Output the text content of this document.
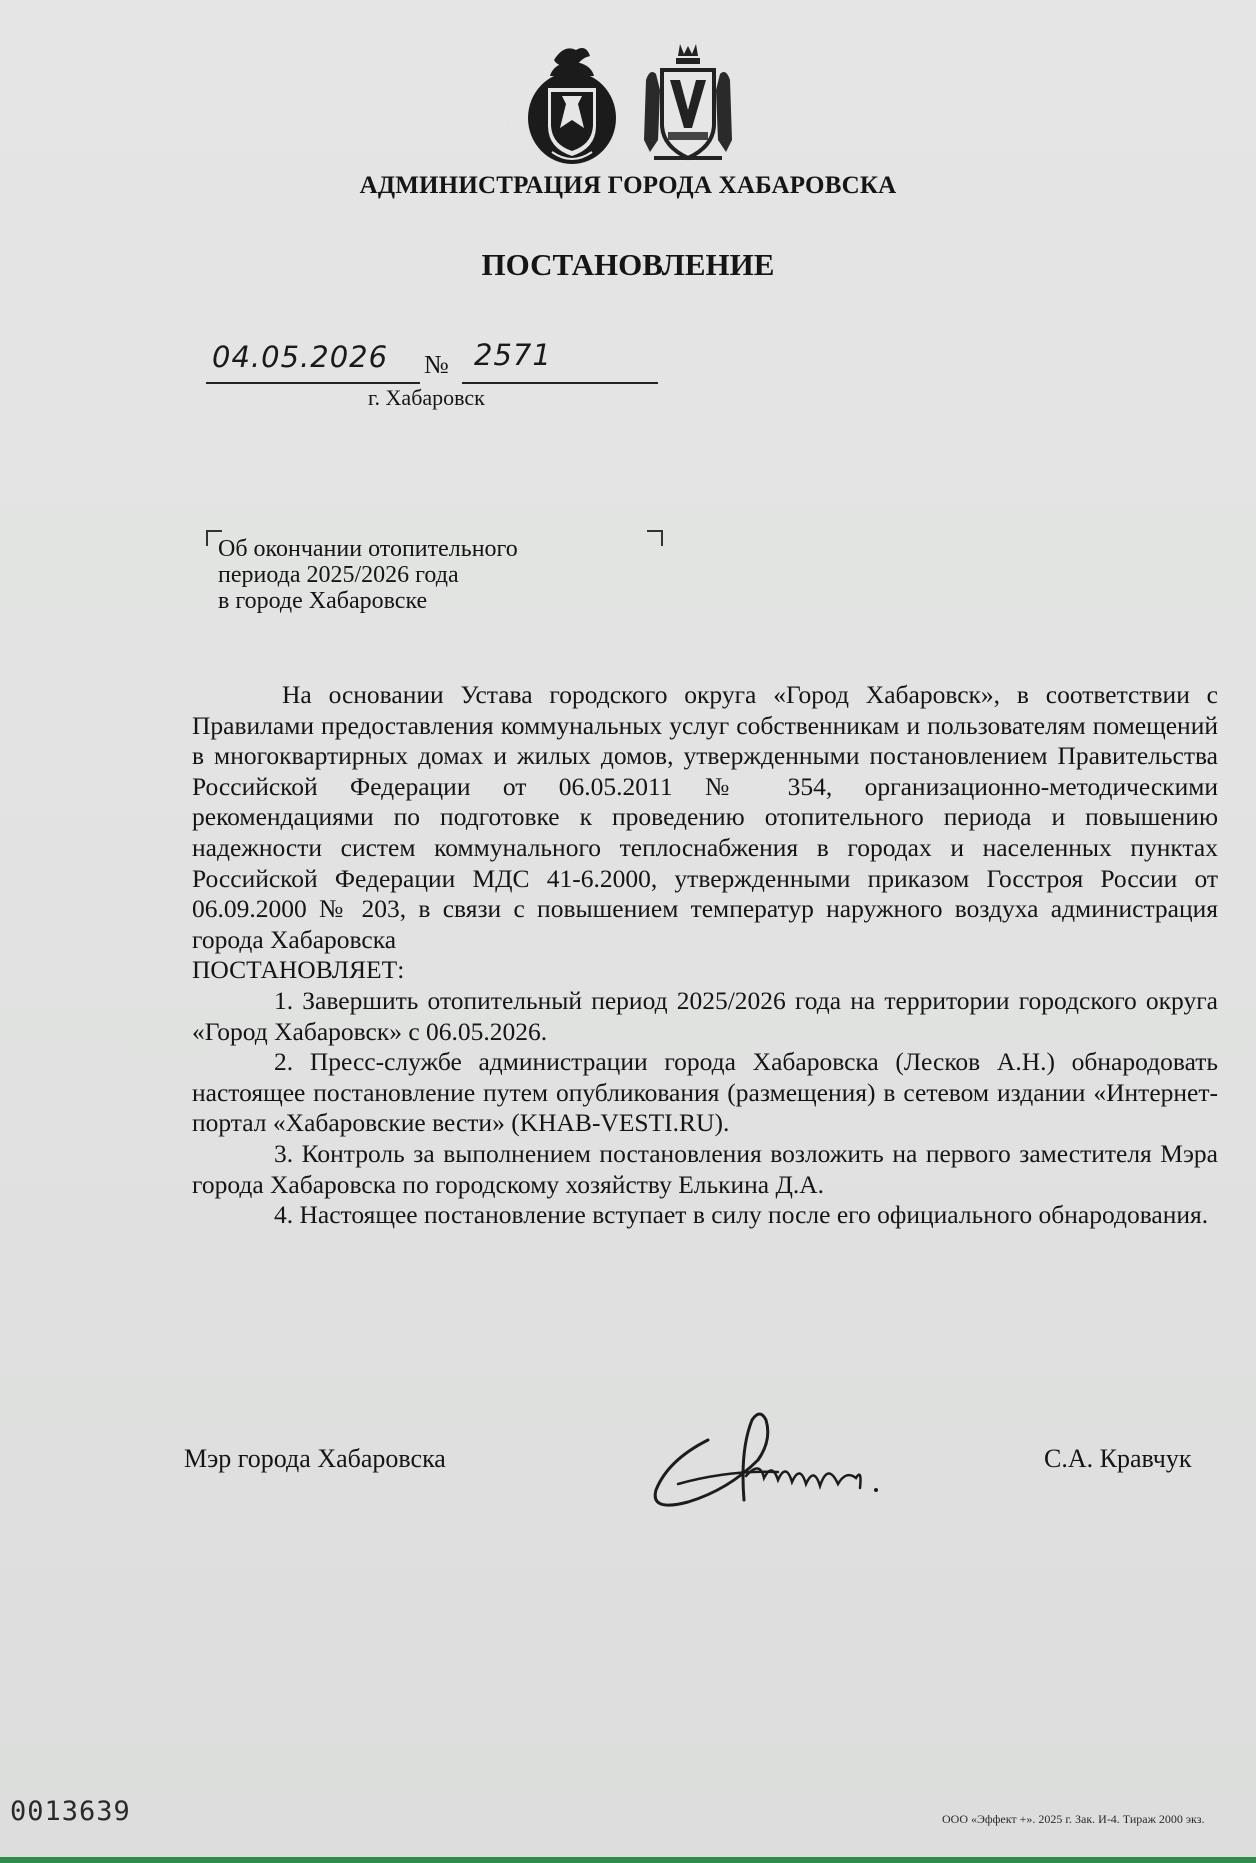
АДМИНИСТРАЦИЯ ГОРОДА ХАБАРОВСКА
ПОСТАНОВЛЕНИЕ
04.05.2026 № 2571
г. Хабаровск
Об окончании отопительного
периода 2025/2026 года
в городе Хабаровске

На основании Устава городского округа «Город Хабаровск», в соответствии с Правилами предоставления коммунальных услуг собственникам и пользователям помещений в многоквартирных домах и жилых домов, утвержденными постановлением Правительства Российской Федерации от 06.05.2011 № 354, организационно-методическими рекомендациями по подготовке к проведению отопительного периода и повышению надежности систем коммунального теплоснабжения в городах и населенных пунктах Российской Федерации МДС 41-6.2000, утвержденными приказом Госстроя России от 06.09.2000 № 203, в связи с повышением температур наружного воздуха администрация города Хабаровска

ПОСТАНОВЛЯЕТ:

1. Завершить отопительный период 2025/2026 года на территории городского округа «Город Хабаровск» с 06.05.2026.

2. Пресс-службе администрации города Хабаровска (Лесков А.Н.) обнародовать настоящее постановление путем опубликования (размещения) в сетевом издании «Интернет-портал «Хабаровские вести» (KHAB-VESTI.RU).

3. Контроль за выполнением постановления возложить на первого заместителя Мэра города Хабаровска по городскому хозяйству Елькина Д.А.

4. Настоящее постановление вступает в силу после его официального обнародования.

Мэр города Хабаровска	С.А. Кравчук
0013639	ООО «Эффект +». 2025 г. Зак. И-4. Тираж 2000 экз.
